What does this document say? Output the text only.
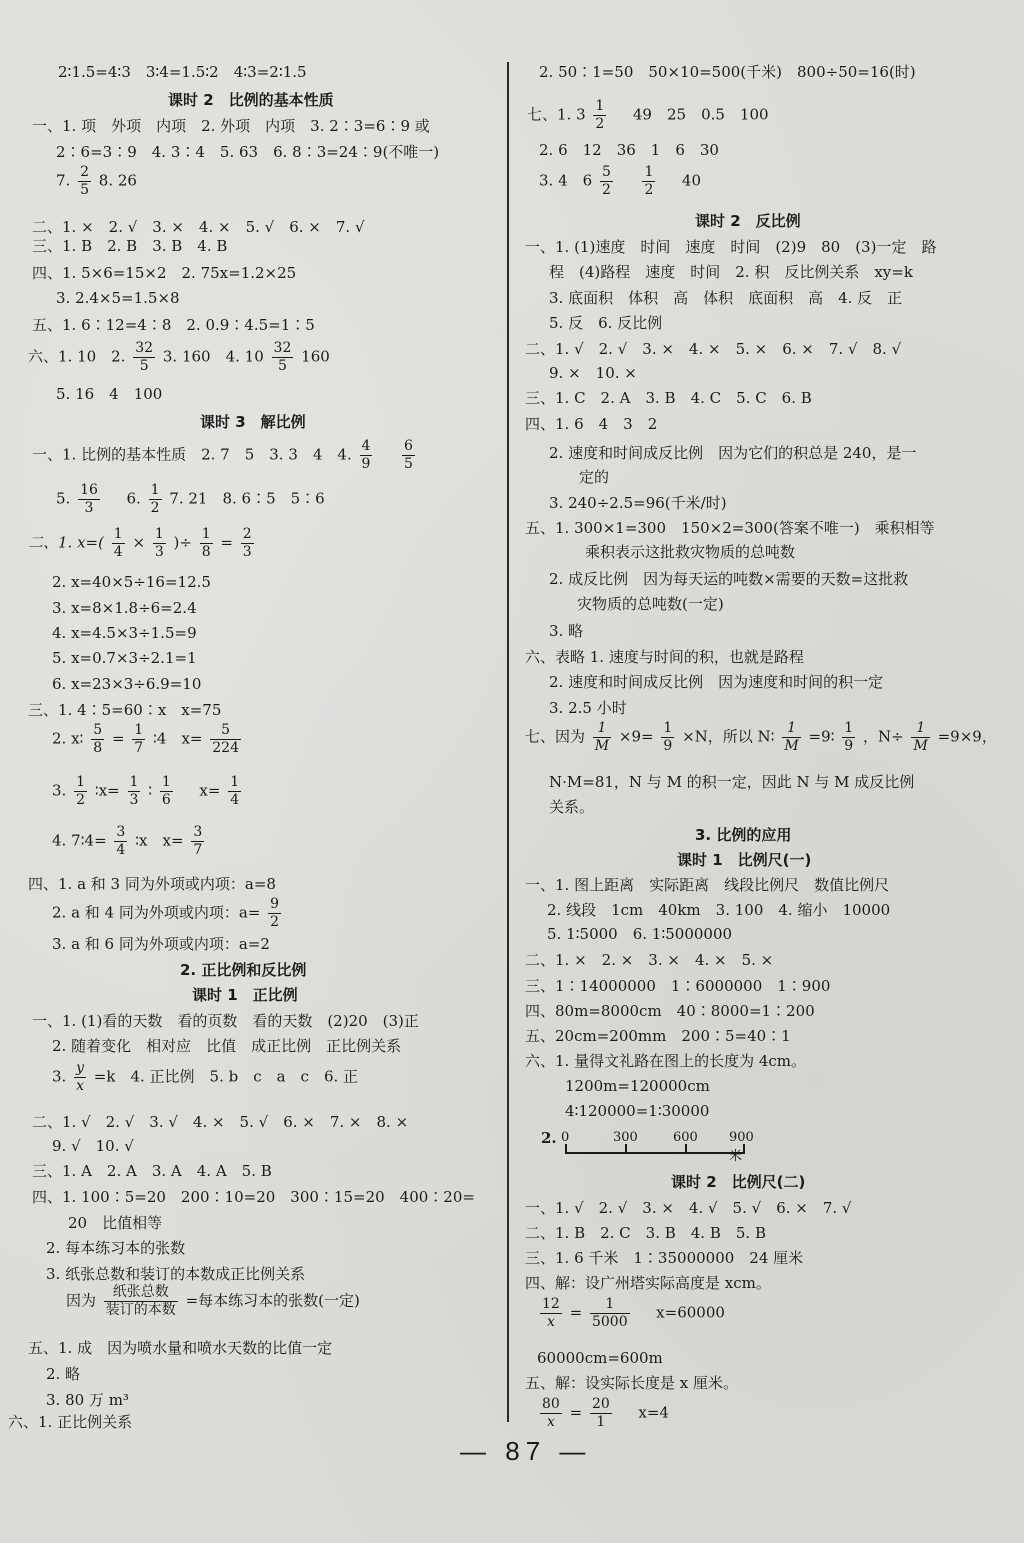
2∶1.5=4∶3　3∶4=1.5∶2　4∶3=2∶1.5
课时 2　比例的基本性质
一、1. 项　外项　内项　2. 外项　内项　3. 2∶3=6∶9 或
2∶6=3∶9　4. 3∶4　5. 63　6. 8∶3=24∶9(不唯一)
7. $\frac{2}{5} 8$. 26
二、1. ×　2. √　3. ×　4. ×　5. √　6. ×　7. √
三、1. B　2. B　3. B　4. B
四、1. 5×6=15×2　2. 75x=1.2×25
3. 2.4×5=1.5×8
五、1. 6∶12=4∶8　2. 0.9∶4.5=1∶5
六、1. 10　2. $\frac{32}{5} 3$. 160　4. $10 \frac{32}{5} 160$
5. 16　4　100
课时 3　解比例
一、1. 比例的基本性质　2. 7　5　3. 3　4　4. $\frac{4}{9}$
$\frac{6}{5}$
5. $\frac{16}{3} 6$. $\frac{1}{2} 7$. 21　8. 6∶5　5∶6
二、1. $x=( \frac{1}{4} \times \frac{1}{3}$ )÷ $\frac{1}{8} = \frac{2}{3}$
2. x=40×5÷16=12.5
3. x=8×1.8÷6=2.4
4. x=4.5×3÷1.5=9
5. x=0.7×3÷2.1=1
6. x=23×3÷6.9=10
三、1. 4∶5=60∶x　x=75
2. x∶ $\frac{5}{8} = \frac{1}{7}$ ∶4　$x= \frac{5}{224}$
3. $\frac{1}{2}$ ∶x= $\frac{1}{3}$ ∶ $\frac{1}{6} x= \frac{1}{4}$
4. 7∶4= $\frac{3}{4}$ ∶x　$x= \frac{3}{7}$
四、1. a 和 3 同为外项或内项：a=8
2. a 和 4 同为外项或内项：$a= \frac{9}{2}$
3. a 和 6 同为外项或内项：a=2
2. 正比例和反比例
课时 1　正比例
一、1. (1)看的天数　看的页数　看的天数　(2)20　(3)正
2. 随着变化　相对应　比值　成正比例　正比例关系
3. $\frac{y}{x} =k$　4. 正比例　5. b　c　a　c　6. 正
二、1. √　2. √　3. √　4. ×　5. √　6. ×　7. ×　8. ×
9. √　10. √
三、1. A　2. A　3. A　4. A　5. B
四、1. 100∶5=20　200∶10=20　300∶15=20　400∶20=
20　比值相等
2. 每本练习本的张数
3. 纸张总数和装订的本数成正比例关系
因为 $\frac{\text{纸张总数}}{\text{装订的本数}}$ =每本练习本的张数(一定)
五、1. 成　因为喷水量和喷水天数的比值一定
2. 略
3. 80 万 m³
六、1. 正比例关系
2. 50∶1=50　50×10=500(千米)　800÷50=16(时)
七、1. $3 \frac{1}{2} 49$　25　0.5　100
2. 6　12　36　1　6　30
3. 4　$6 \frac{5}{2}$
$\frac{1}{2} 40$
课时 2　反比例
一、1. (1)速度　时间　速度　时间　(2)9　80　(3)一定　路
程　(4)路程　速度　时间　2. 积　反比例关系　xy=k
3. 底面积　体积　高　体积　底面积　高　4. 反　正
5. 反　6. 反比例
二、1. √　2. √　3. ×　4. ×　5. ×　6. ×　7. √　8. √
9. ×　10. ×
三、1. C　2. A　3. B　4. C　5. C　6. B
四、1. 6　4　3　2
2. 速度和时间成反比例　因为它们的积总是 240，是一
定的
3. 240÷2.5=96(千米/时)
五、1. 300×1=300　150×2=300(答案不唯一)　乘积相等
乘积表示这批救灾物质的总吨数
2. 成反比例　因为每天运的吨数×需要的天数=这批救
灾物质的总吨数(一定)
3. 略
六、表略 1. 速度与时间的积，也就是路程
2. 速度和时间成反比例　因为速度和时间的积一定
3. 2.5 小时
七、因为 $\frac{1}{M} \times 9= \frac{1}{9} \times N$，所以 N∶ $\frac{1}{M}$ =9∶ $\frac{1}{9}$ ，$N\div \frac{1}{M} =9\times 9$，
N·M=81，N 与 M 的积一定，因此 N 与 M 成反比例
关系。
3. 比例的应用
课时 1　比例尺(一)
一、1. 图上距离　实际距离　线段比例尺　数值比例尺
2. 线段　1cm　40km　3. 100　4. 缩小　10000
5. 1∶5000　6. 1∶5000000
二、1. ×　2. ×　3. ×　4. ×　5. ×
三、1∶14000000　1∶6000000　1∶900
四、80m=8000cm　40∶8000=1∶200
五、20cm=200mm　200∶5=40∶1
六、1. 量得文礼路在图上的长度为 4cm。
1200m=120000cm
4∶120000=1∶30000
2. 0	300	600 900米
课时 2　比例尺(二)
一、1. √　2. √　3. ×　4. √　5. √　6. ×　7. √
二、1. B　2. C　3. B　4. B　5. B
三、1. 6 千米　1∶35000000　24 厘米
四、解：设广州塔实际高度是 xcm。
$\frac{12}{x} = \frac{1}{5000} x=60000$
60000cm=600m
五、解：设实际长度是 x 厘米。
$\frac{80}{x} = \frac{20}{1} x=4$
— 87 —
